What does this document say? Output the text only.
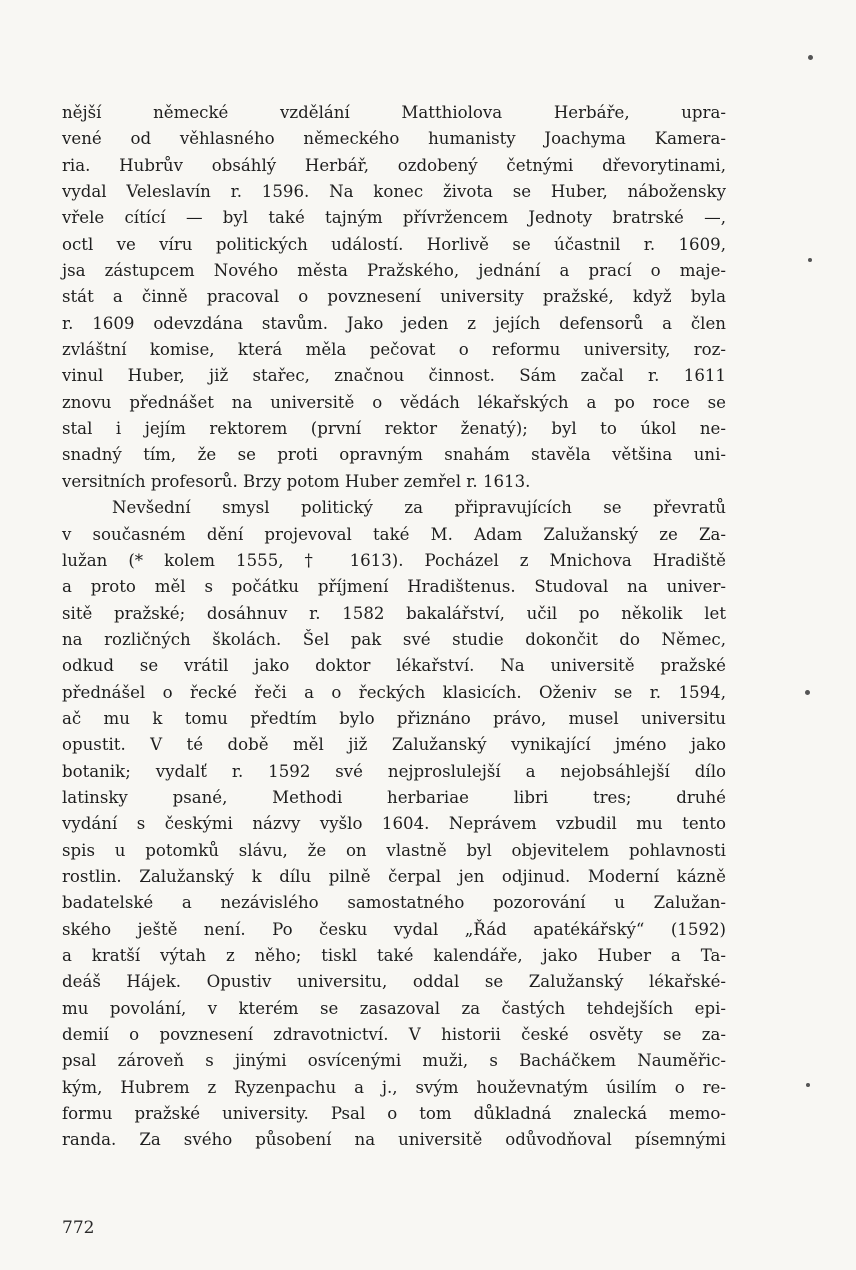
nější německé vzdělání Matthiolova Herbáře, upra-
vené od věhlasného německého humanisty Joachyma Kamera-
ria. Hubrův obsáhlý Herbář, ozdobený četnými dřevorytinami,
vydal Veleslavín r. 1596. Na konec života se Huber, nábožensky
vřele cítící — byl také tajným přívržencem Jednoty bratrské —,
octl ve víru politických událostí. Horlivě se účastnil r. 1609,
jsa zástupcem Nového města Pražského, jednání a prací o maje-
stát a činně pracoval o povznesení university pražské, když byla
r. 1609 odevzdána stavům. Jako jeden z jejích defensorů a člen
zvláštní komise, která měla pečovat o reformu university, roz-
vinul Huber, již stařec, značnou činnost. Sám začal r. 1611
znovu přednášet na universitě o vědách lékařských a po roce se
stal i jejím rektorem (první rektor ženatý); byl to úkol ne-
snadný tím, že se proti opravným snahám stavěla většina uni-
versitních profesorů. Brzy potom Huber zemřel r. 1613.
Nevšední smysl politický za připravujících se převratů
v současném dění projevoval také M. Adam Zalužanský ze Za-
lužan (* kolem 1555, † 1613). Pocházel z Mnichova Hradiště
a proto měl s počátku příjmení Hradištenus. Studoval na univer-
sitě pražské; dosáhnuv r. 1582 bakalářství, učil po několik let
na rozličných školách. Šel pak své studie dokončit do Němec,
odkud se vrátil jako doktor lékařství. Na universitě pražské
přednášel o řecké řeči a o řeckých klasicích. Oženiv se r. 1594,
ač mu k tomu předtím bylo přiznáno právo, musel universitu
opustit. V té době měl již Zalužanský vynikající jméno jako
botanik; vydalť r. 1592 své nejproslulejší a nejobsáhlejší dílo
latinsky psané, Methodi herbariae libri tres; druhé
vydání s českými názvy vyšlo 1604. Neprávem vzbudil mu tento
spis u potomků slávu, že on vlastně byl objevitelem pohlavnosti
rostlin. Zalužanský k dílu pilně čerpal jen odjinud. Moderní kázně
badatelské a nezávislého samostatného pozorování u Zalužan-
ského ještě není. Po česku vydal „Řád apatékářský“ (1592)
a kratší výtah z něho; tiskl také kalendáře, jako Huber a Ta-
deáš Hájek. Opustiv universitu, oddal se Zalužanský lékařské-
mu povolání, v kterém se zasazoval za častých tehdejších epi-
demií o povznesení zdravotnictví. V historii české osvěty se za-
psal zároveň s jinými osvícenými muži, s Bacháčkem Nauměřic-
kým, Hubrem z Ryzenpachu a j., svým houževnatým úsilím o re-
formu pražské university. Psal o tom důkladná znalecká memo-
randa. Za svého působení na universitě odůvodňoval písemnými
772
